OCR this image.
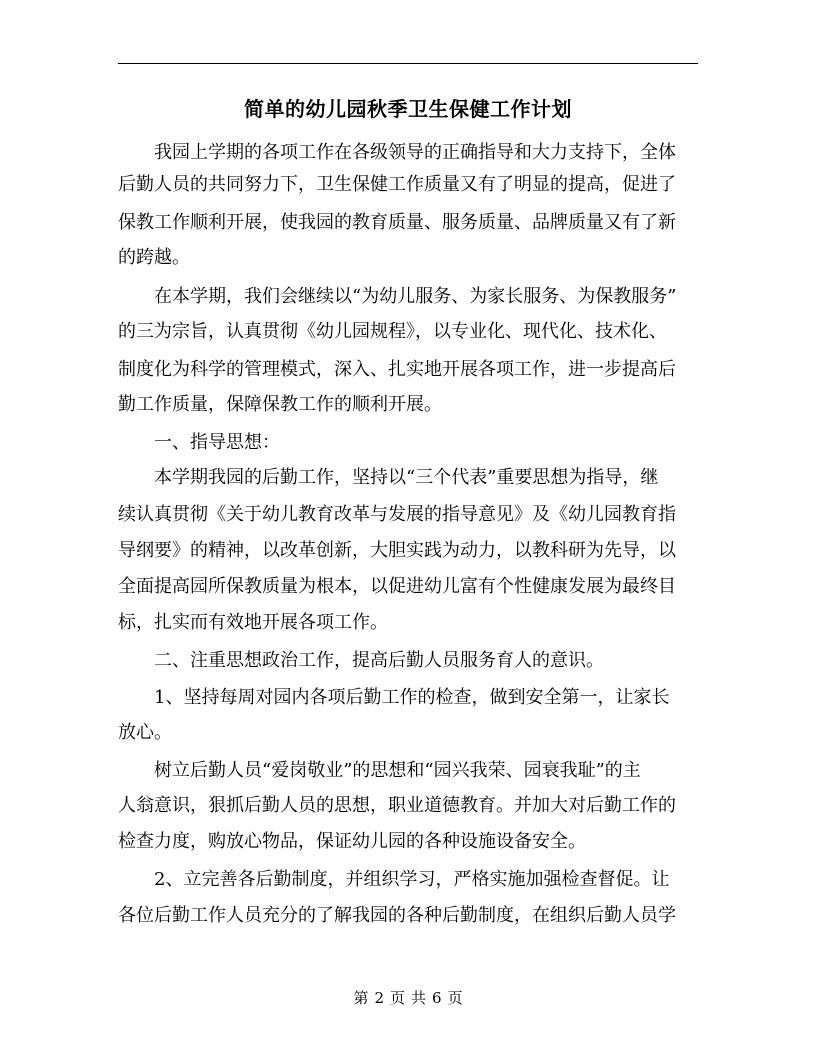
简单的幼儿园秋季卫生保健工作计划
　　我园上学期的各项工作在各级领导的正确指导和大力支持下，全体
后勤人员的共同努力下，卫生保健工作质量又有了明显的提高，促进了
保教工作顺利开展，使我园的教育质量、服务质量、品牌质量又有了新
的跨越。
　　在本学期，我们会继续以“为幼儿服务、为家长服务、为保教服务”
的三为宗旨，认真贯彻《幼儿园规程》，以专业化、现代化、技术化、
制度化为科学的管理模式，深入、扎实地开展各项工作，进一步提高后
勤工作质量，保障保教工作的顺利开展。
　　一、指导思想：
　　本学期我园的后勤工作，坚持以“三个代表”重要思想为指导，继
续认真贯彻《关于幼儿教育改革与发展的指导意见》及《幼儿园教育指
导纲要》的精神，以改革创新，大胆实践为动力，以教科研为先导，以
全面提高园所保教质量为根本，以促进幼儿富有个性健康发展为最终目
标，扎实而有效地开展各项工作。
　　二、注重思想政治工作，提高后勤人员服务育人的意识。
　　1、坚持每周对园内各项后勤工作的检查，做到安全第一，让家长
放心。
　　树立后勤人员“爱岗敬业”的思想和“园兴我荣、园衰我耻”的主
人翁意识，狠抓后勤人员的思想，职业道德教育。并加大对后勤工作的
检查力度，购放心物品，保证幼儿园的各种设施设备安全。
　　2、立完善各后勤制度，并组织学习，严格实施加强检查督促。让
各位后勤工作人员充分的了解我园的各种后勤制度，在组织后勤人员学
第 2 页 共 6 页
